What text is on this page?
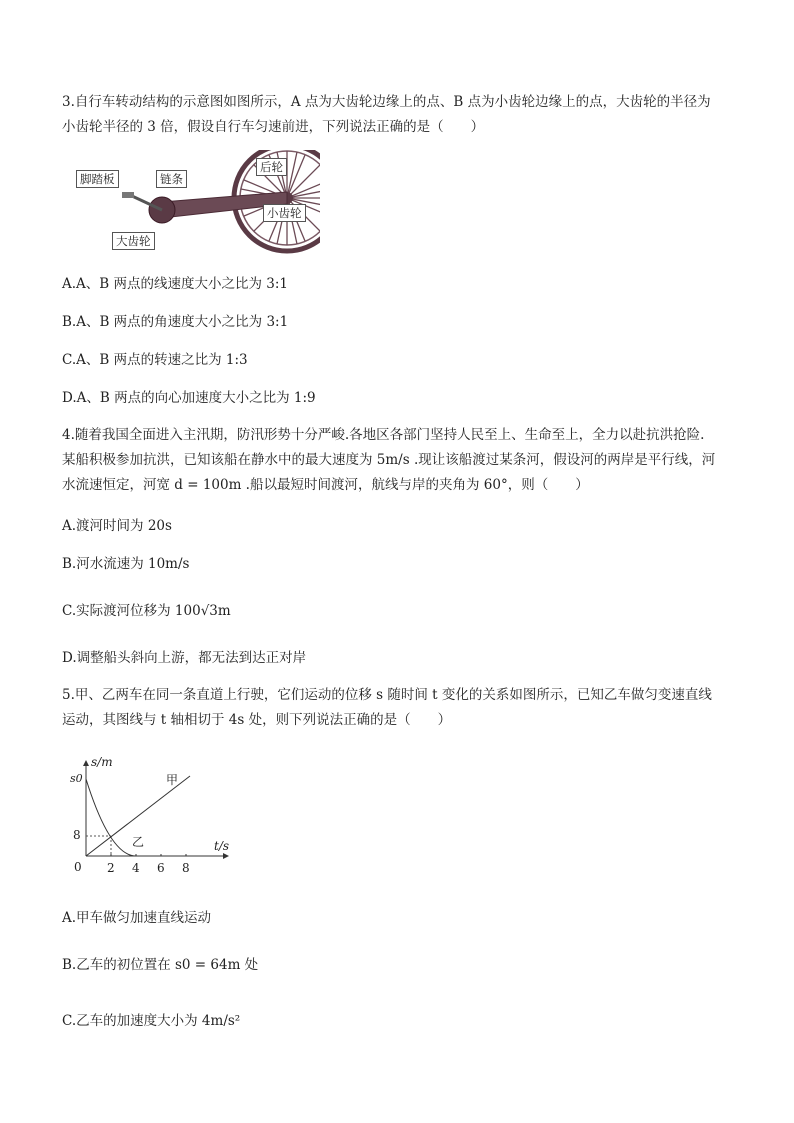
3.自行车转动结构的示意图如图所示，A 点为大齿轮边缘上的点、B 点为小齿轮边缘上的点，大齿轮的半径为
小齿轮半径的 3 倍，假设自行车匀速前进，下列说法正确的是（　　）
脚踏板	链条
后轮
小齿轮
大齿轮
A.A、B 两点的线速度大小之比为 3:1
B.A、B 两点的角速度大小之比为 3:1
C.A、B 两点的转速之比为 1:3
D.A、B 两点的向心加速度大小之比为 1:9
4.随着我国全面进入主汛期，防汛形势十分严峻.各地区各部门坚持人民至上、生命至上，全力以赴抗洪抢险.
某船积极参加抗洪，已知该船在静水中的最大速度为 5m/s .现让该船渡过某条河，假设河的两岸是平行线，河
水流速恒定，河宽 d = 100m .船以最短时间渡河，航线与岸的夹角为 60°，则（　　）
A.渡河时间为 20s
B.河水流速为 10m/s
C.实际渡河位移为 100√3m
D.调整船头斜向上游，都无法到达正对岸
5.甲、乙两车在同一条直道上行驶，它们运动的位移 s 随时间 t 变化的关系如图所示，已知乙车做匀变速直线
运动，其图线与 t 轴相切于 4s 处，则下列说法正确的是（　　）
s/m
t/s
s0	甲
乙
8
0 2 4 6 8
A.甲车做匀加速直线运动
B.乙车的初位置在 s0 = 64m 处
C.乙车的加速度大小为 4m/s²
